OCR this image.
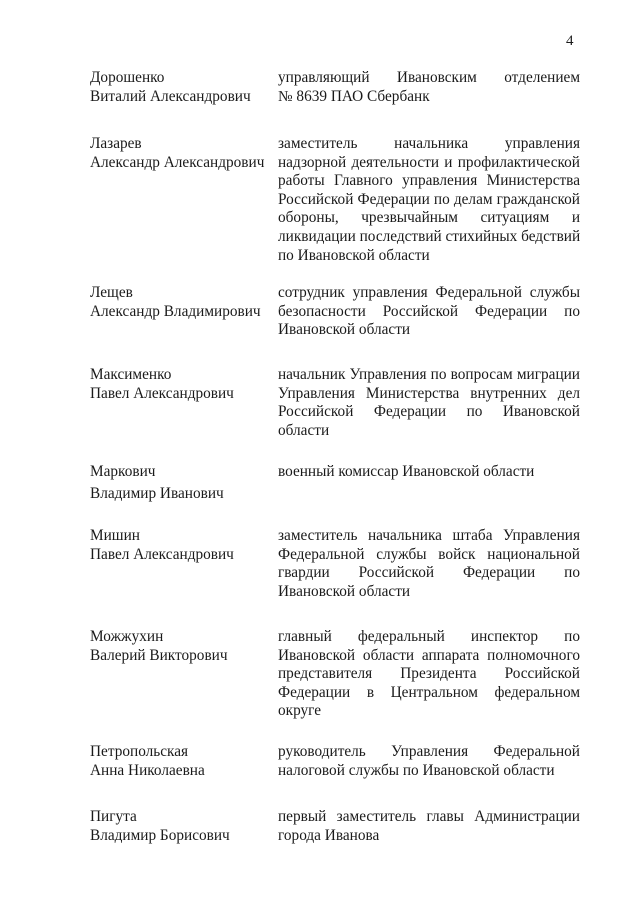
4
Дорошенко
Виталий Александрович
управляющий Ивановским отделением
№ 8639 ПАО Сбербанк
Лазарев
Александр Александрович
заместитель начальника управления
надзорной деятельности и профилактической
работы Главного управления Министерства
Российской Федерации по делам гражданской
обороны, чрезвычайным ситуациям и
ликвидации последствий стихийных бедствий
по Ивановской области
Лещев
Александр Владимирович
сотрудник управления Федеральной службы
безопасности Российской Федерации по
Ивановской области
Максименко
Павел Александрович
начальник Управления по вопросам миграции
Управления Министерства внутренних дел
Российской Федерации по Ивановской
области
Маркович
Владимир Иванович
военный комиссар Ивановской области
Мишин
Павел Александрович
заместитель начальника штаба Управления
Федеральной службы войск национальной
гвардии Российской Федерации по
Ивановской области
Можжухин
Валерий Викторович
главный федеральный инспектор по
Ивановской области аппарата полномочного
представителя Президента Российской
Федерации в Центральном федеральном
округе
Петропольская
Анна Николаевна
руководитель Управления Федеральной
налоговой службы по Ивановской области
Пигута
Владимир Борисович
первый заместитель главы Администрации
города Иванова
